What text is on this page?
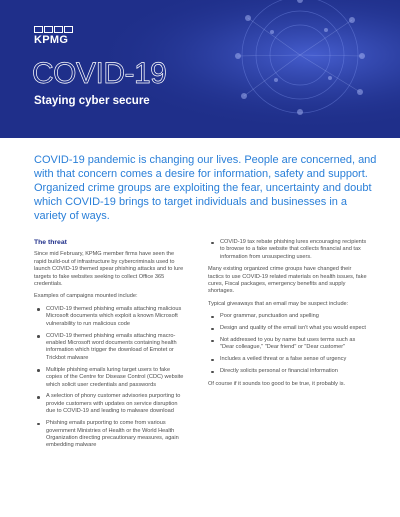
KPMG
COVID-19

Staying cyber secure

COVID-19 pandemic is changing our lives. People are concerned, and with that concern comes a desire for information, safety and support. Organized crime groups are exploiting the fear, uncertainty and doubt which COVID-19 brings to target individuals and businesses in a variety of ways.

The threat

Since mid February, KPMG member firms have seen the rapid build-out of infrastructure by cybercriminals used to launch COVID-19 themed spear phishing attacks and to lure targets to fake websites seeking to collect Office 365 credentials.

Examples of campaigns mounted include:

COVID-19 themed phishing emails attaching malicious Microsoft documents which exploit a known Microsoft vulnerability to run malicious code
COVID-19 themed phishing emails attaching macro-enabled Microsoft word documents containing health information which trigger the download of Emotet or Trickbot malware
Multiple phishing emails luring target users to fake copies of the Centre for Disease Control (CDC) website which solicit user credentials and passwords
A selection of phony customer advisories purporting to provide customers with updates on service disruption due to COVID-19 and leading to malware download
Phishing emails purporting to come from various government Ministries of Health or the World Health Organization directing precautionary measures, again embedding malware
COVID-19 tax rebate phishing lures encouraging recipients to browse to a fake website that collects financial and tax information from unsuspecting users.

Many existing organized crime groups have changed their tactics to use COVID-19 related materials on health issues, fake cures, Fiscal packages, emergency benefits and supply shortages.

Typical giveaways that an email may be suspect include:

Poor grammar, punctuation and spelling
Design and quality of the email isn't what you would expect
Not addressed to you by name but uses terms such as "Dear colleague," "Dear friend" or "Dear customer"
Includes a veiled threat or a false sense of urgency
Directly solicits personal or financial information

Of course if it sounds too good to be true, it probably is.
